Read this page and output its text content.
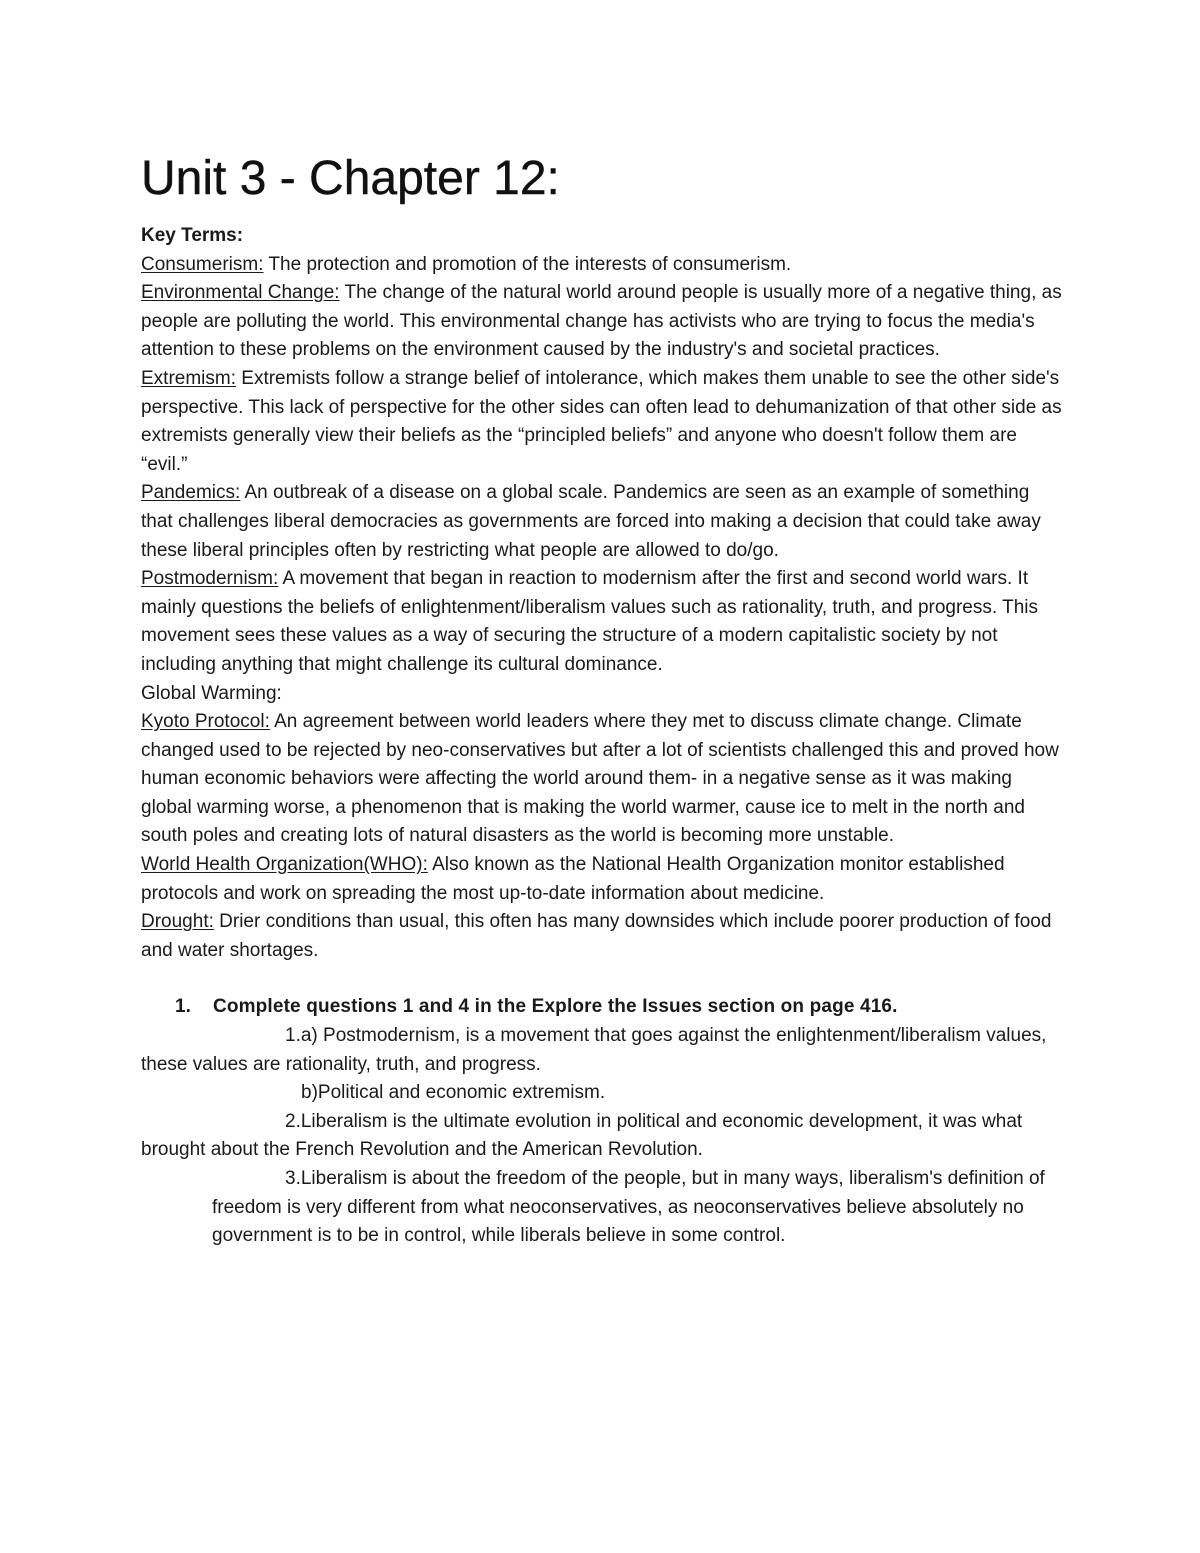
Unit 3 - Chapter 12:
Key Terms:

Consumerism: The protection and promotion of the interests of consumerism.

Environmental Change: The change of the natural world around people is usually more of a negative thing, as people are polluting the world. This environmental change has activists who are trying to focus the media's attention to these problems on the environment caused by the industry's and societal practices.

Extremism: Extremists follow a strange belief of intolerance, which makes them unable to see the other side's perspective. This lack of perspective for the other sides can often lead to dehumanization of that other side as extremists generally view their beliefs as the “principled beliefs” and anyone who doesn't follow them are “evil.”

Pandemics: An outbreak of a disease on a global scale. Pandemics are seen as an example of something that challenges liberal democracies as governments are forced into making a decision that could take away these liberal principles often by restricting what people are allowed to do/go.

Postmodernism: A movement that began in reaction to modernism after the first and second world wars. It mainly questions the beliefs of enlightenment/liberalism values such as rationality, truth, and progress. This movement sees these values as a way of securing the structure of a modern capitalistic society by not including anything that might challenge its cultural dominance.

Global Warming:

Kyoto Protocol: An agreement between world leaders where they met to discuss climate change. Climate changed used to be rejected by neo-conservatives but after a lot of scientists challenged this and proved how human economic behaviors were affecting the world around them- in a negative sense as it was making global warming worse, a phenomenon that is making the world warmer, cause ice to melt in the north and south poles and creating lots of natural disasters as the world is becoming more unstable.

World Health Organization(WHO): Also known as the National Health Organization monitor established protocols and work on spreading the most up-to-date information about medicine.

Drought: Drier conditions than usual, this often has many downsides which include poorer production of food and water shortages.

1. Complete questions 1 and 4 in the Explore the Issues section on page 416.

1.a) Postmodernism, is a movement that goes against the enlightenment/liberalism values, these values are rationality, truth, and progress.

b)Political and economic extremism.

2.Liberalism is the ultimate evolution in political and economic development, it was what brought about the French Revolution and the American Revolution.

3.Liberalism is about the freedom of the people, but in many ways, liberalism's definition of freedom is very different from what neoconservatives, as neoconservatives believe absolutely no government is to be in control, while liberals believe in some control.
